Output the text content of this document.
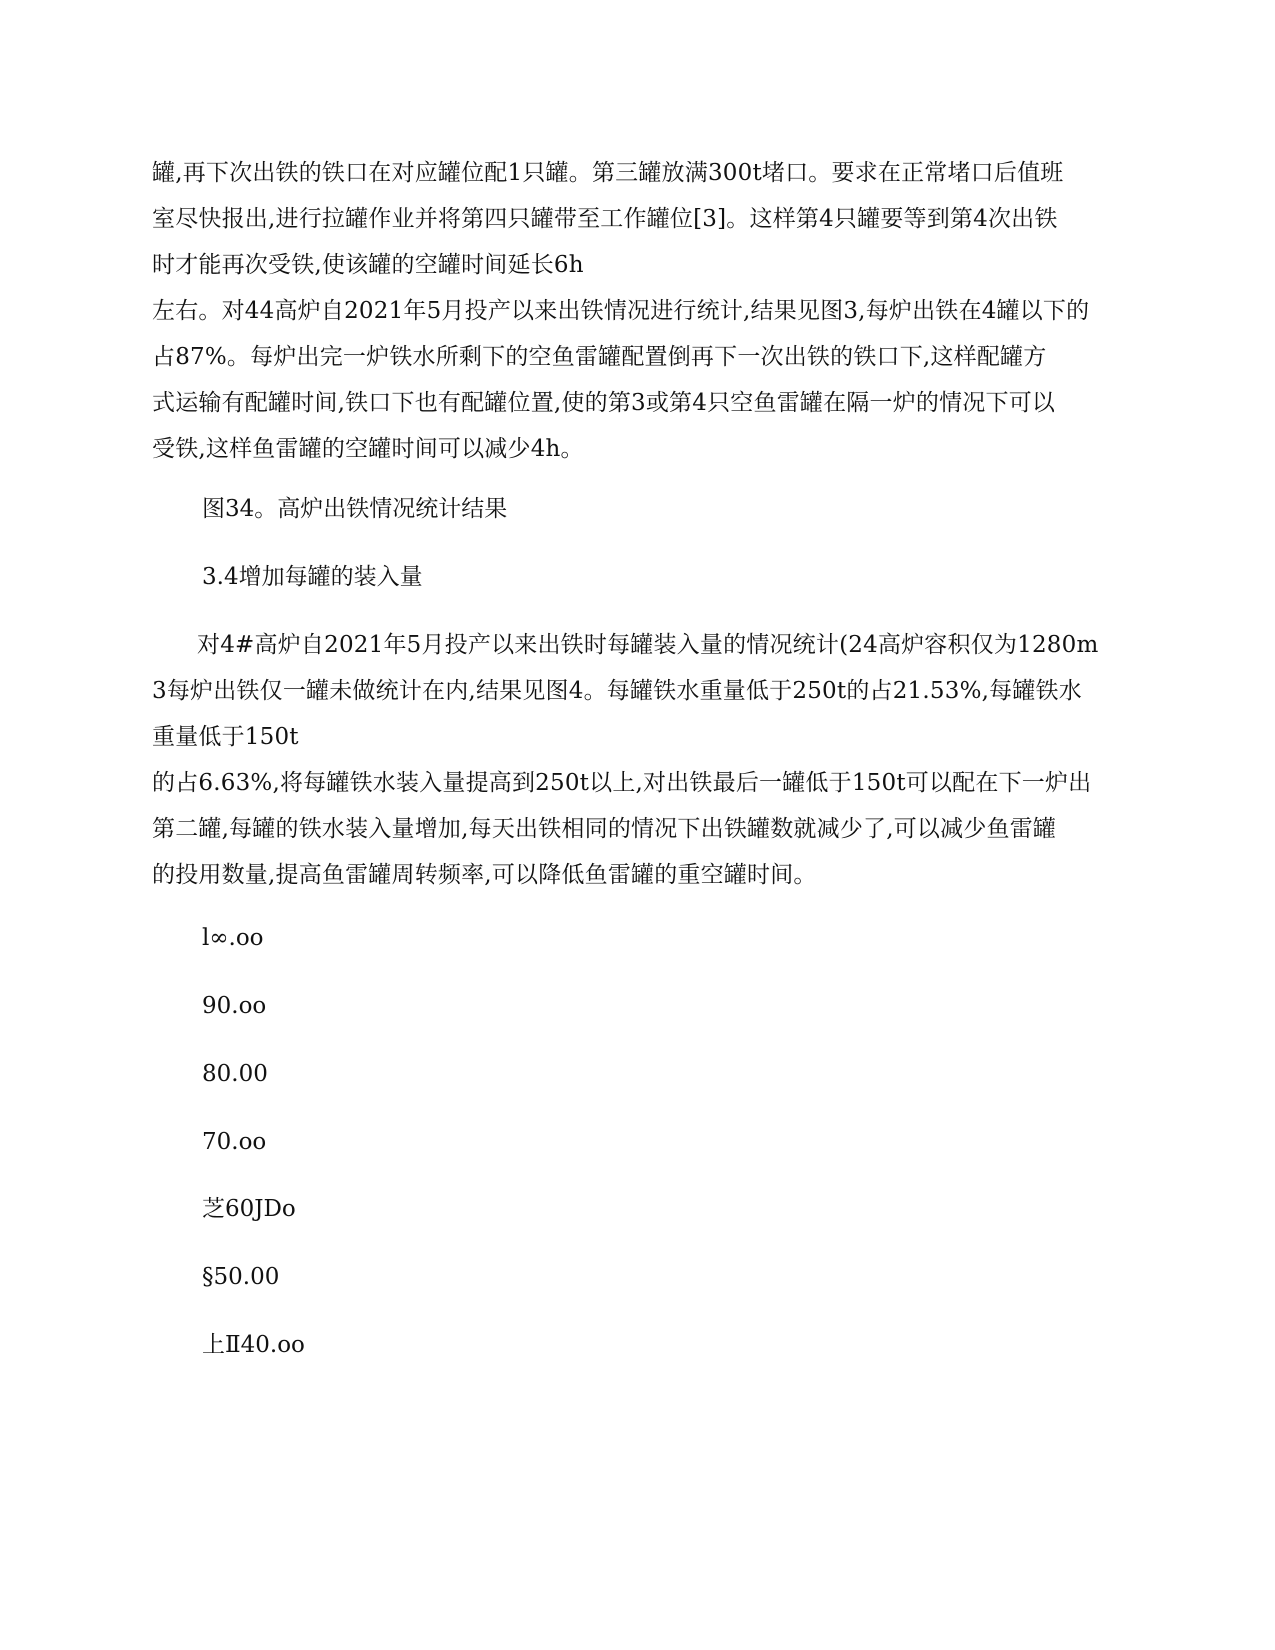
罐,再下次出铁的铁口在对应罐位配1只罐。第三罐放满300t堵口。要求在正常堵口后值班
室尽快报出,进行拉罐作业并将第四只罐带至工作罐位[3]。这样第4只罐要等到第4次出铁
时才能再次受铁,使该罐的空罐时间延长6h
左右。对44高炉自2021年5月投产以来出铁情况进行统计,结果见图3,每炉出铁在4罐以下的
占87%。每炉出完一炉铁水所剩下的空鱼雷罐配置倒再下一次出铁的铁口下,这样配罐方
式运输有配罐时间,铁口下也有配罐位置,使的第3或第4只空鱼雷罐在隔一炉的情况下可以
受铁,这样鱼雷罐的空罐时间可以减少4h。

图34。高炉出铁情况统计结果

3.4增加每罐的装入量

对4#高炉自2021年5月投产以来出铁时每罐装入量的情况统计(24高炉容积仅为1280m
3每炉出铁仅一罐未做统计在内,结果见图4。每罐铁水重量低于250t的占21.53%,每罐铁水
重量低于150t
的占6.63%,将每罐铁水装入量提高到250t以上,对出铁最后一罐低于150t可以配在下一炉出
第二罐,每罐的铁水装入量增加,每天出铁相同的情况下出铁罐数就减少了,可以减少鱼雷罐
的投用数量,提高鱼雷罐周转频率,可以降低鱼雷罐的重空罐时间。

l∞.oo

90.oo

80.00

70.oo

芝60JDo

§50.00

上Ⅱ40.oo
